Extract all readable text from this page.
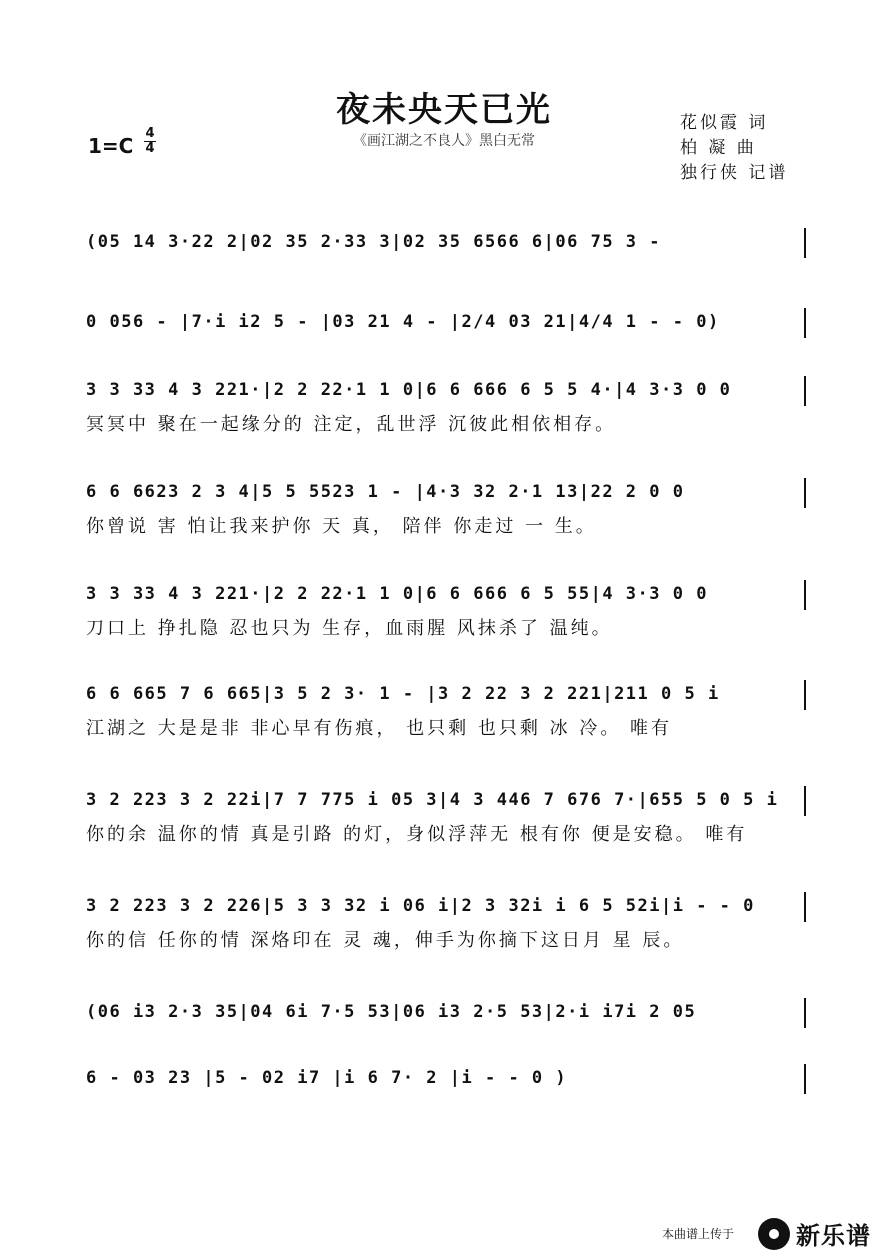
夜未央天已光
《画江湖之不良人》黑白无常
1=C
4
4
花似霞 词
柏 凝 曲
独行侠 记谱
(05 14 3·22 2|02 35 2·33 3|02 35 6566 6|06 75 3 -
0 056 - |7·i i2 5 - |03 21 4 - |2/4 03 21|4/4 1 - - 0)
3 3 33 4 3 221·|2 2 22·1 1 0|6 6 666 6 5 5 4·|4 3·3 0 0
冥冥中 聚在一起缘分的 注定，乱世浮 沉彼此相依相存。
6 6 6623 2 3 4|5 5 5523 1 - |4·3 32 2·1 13|22 2 0 0
你曾说 害 怕让我来护你 天 真， 陪伴 你走过 一 生。
3 3 33 4 3 221·|2 2 22·1 1 0|6 6 666 6 5 55|4 3·3 0 0
刀口上 挣扎隐 忍也只为 生存，血雨腥 风抹杀了 温纯。
6 6 665 7 6 665|3 5 2 3· 1 - |3 2 22 3 2 221|211 0 5 i
江湖之 大是是非 非心早有伤痕， 也只剩 也只剩 冰 冷。 唯有
3 2 223 3 2 22i|7 7 775 i 05 3|4 3 446 7 676 7·|655 5 0 5 i
你的余 温你的情 真是引路 的灯，身似浮萍无 根有你 便是安稳。 唯有
3 2 223 3 2 226|5 3 3 32 i 06 i|2 3 32i i 6 5 52i|i - - 0
你的信 任你的情 深烙印在 灵 魂，伸手为你摘下这日月 星 辰。
(06 i3 2·3 35|04 6i 7·5 53|06 i3 2·5 53|2·i i7i 2 05
6 - 03 23 |5 - 02 i7 |i 6 7· 2 |i - - 0 )
本曲谱上传于	新乐谱
